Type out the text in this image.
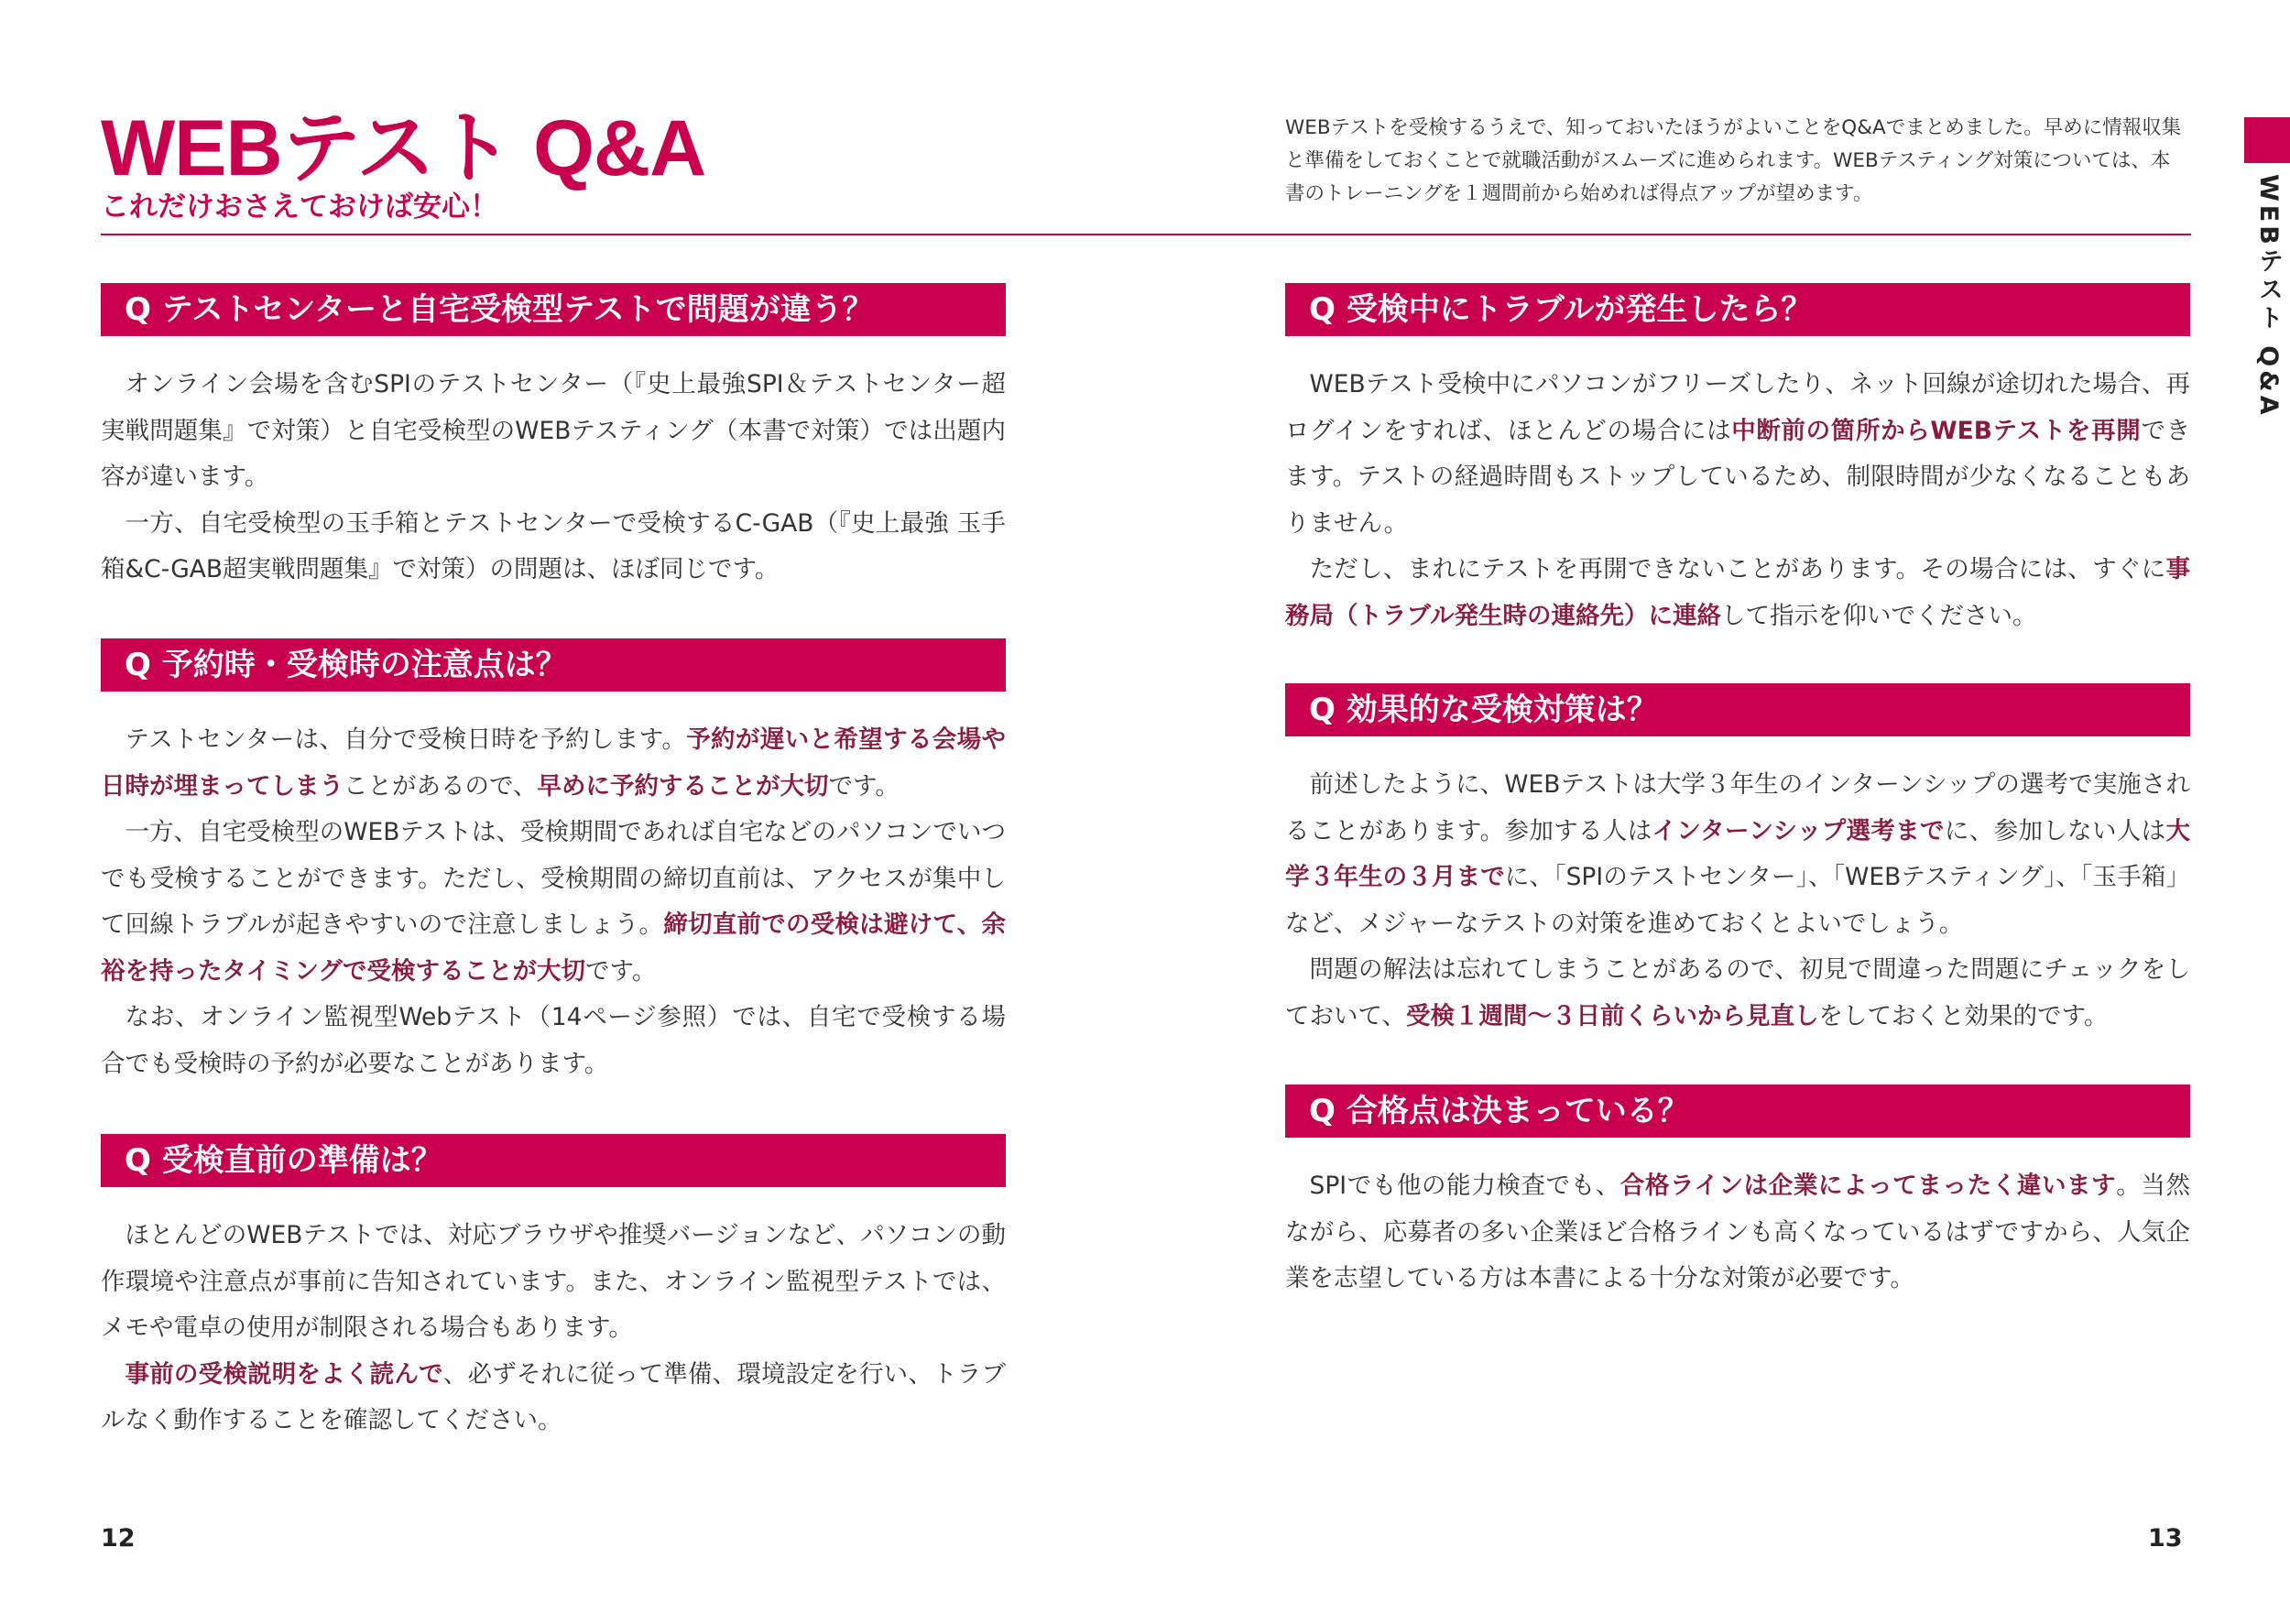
WEBテスト Q&A
これだけおさえておけば安心！

WEBテストを受検するうえで、知っておいたほうがよいことをQ&Aでまとめました。早めに情報収集と準備をしておくことで就職活動がスムーズに進められます。WEBテスティング対策については、本書のトレーニングを１週間前から始めれば得点アップが望めます。	WEBテスト Q&A
Q テストセンターと自宅受検型テストで問題が違う？

オンライン会場を含むSPIのテストセンター（『史上最強SPI＆テストセンター超実戦問題集』で対策）と自宅受検型のWEBテスティング（本書で対策）では出題内容が違います。

一方、自宅受検型の玉手箱とテストセンターで受検するC-GAB（『史上最強 玉手箱&C-GAB超実戦問題集』で対策）の問題は、ほぼ同じです。

Q 予約時・受検時の注意点は？

テストセンターは、自分で受検日時を予約します。予約が遅いと希望する会場や日時が埋まってしまうことがあるので、早めに予約することが大切です。

一方、自宅受検型のWEBテストは、受検期間であれば自宅などのパソコンでいつでも受検することができます。ただし、受検期間の締切直前は、アクセスが集中して回線トラブルが起きやすいので注意しましょう。締切直前での受検は避けて、余裕を持ったタイミングで受検することが大切です。

なお、オンライン監視型Webテスト（14ページ参照）では、自宅で受検する場合でも受検時の予約が必要なことがあります。

Q 受検直前の準備は？

ほとんどのWEBテストでは、対応ブラウザや推奨バージョンなど、パソコンの動作環境や注意点が事前に告知されています。また、オンライン監視型テストでは、メモや電卓の使用が制限される場合もあります。

事前の受検説明をよく読んで、必ずそれに従って準備、環境設定を行い、トラブルなく動作することを確認してください。

Q 受検中にトラブルが発生したら？

WEBテスト受検中にパソコンがフリーズしたり、ネット回線が途切れた場合、再ログインをすれば、ほとんどの場合には中断前の箇所からWEBテストを再開できます。テストの経過時間もストップしているため、制限時間が少なくなることもありません。

ただし、まれにテストを再開できないことがあります。その場合には、すぐに事務局（トラブル発生時の連絡先）に連絡して指示を仰いでください。

Q 効果的な受検対策は？

前述したように、WEBテストは大学３年生のインターンシップの選考で実施されることがあります。参加する人はインターンシップ選考までに、参加しない人は大学３年生の３月までに、「SPIのテストセンター」、「WEBテスティング」、「玉手箱」など、メジャーなテストの対策を進めておくとよいでしょう。

問題の解法は忘れてしまうことがあるので、初見で間違った問題にチェックをしておいて、受検１週間〜３日前くらいから見直しをしておくと効果的です。

Q 合格点は決まっている？

SPIでも他の能力検査でも、合格ラインは企業によってまったく違います。当然ながら、応募者の多い企業ほど合格ラインも高くなっているはずですから、人気企業を志望している方は本書による十分な対策が必要です。

12	13
